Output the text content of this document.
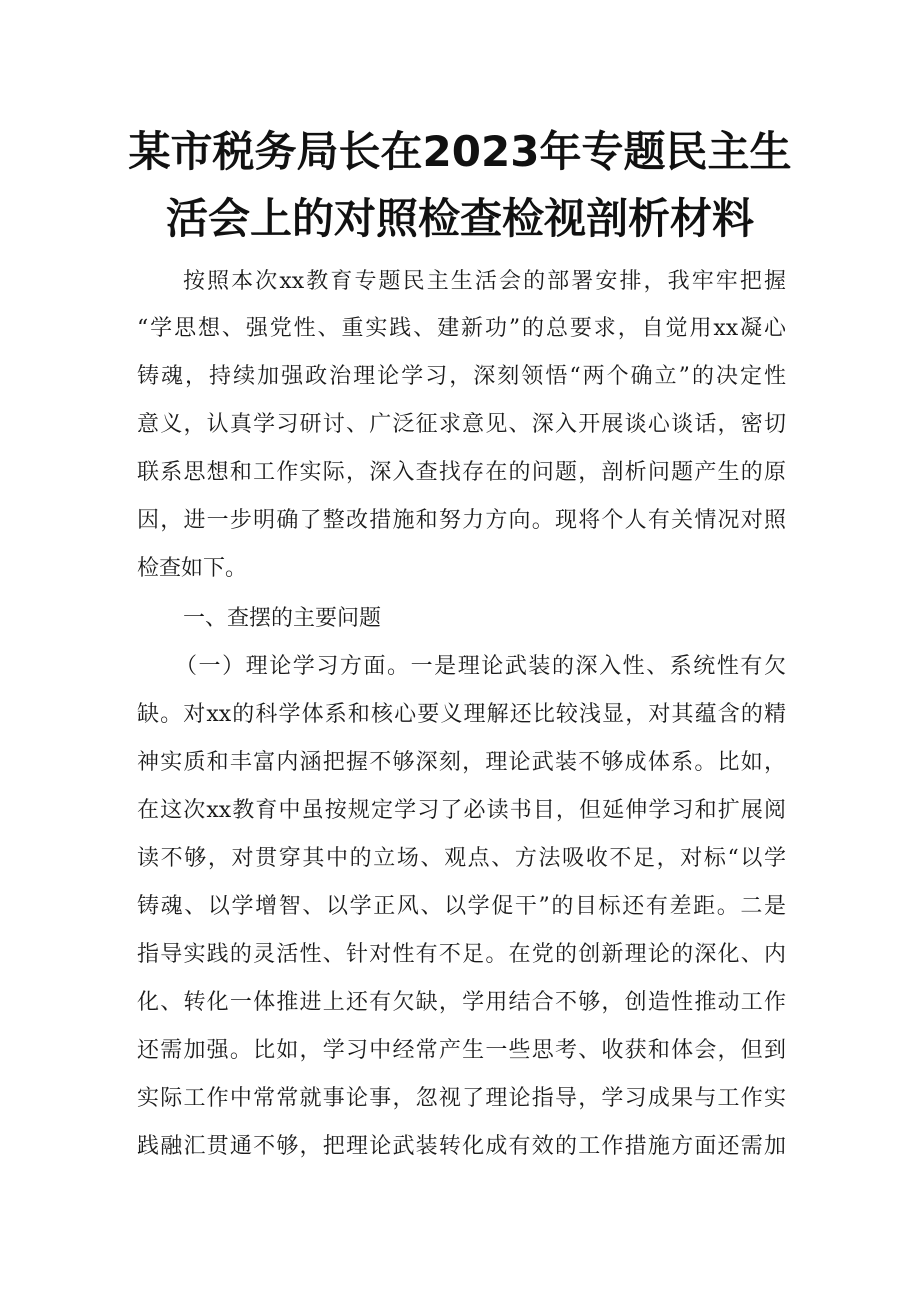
某市税务局长在2023年专题民主生
活会上的对照检查检视剖析材料
按照本次xx教育专题民主生活会的部署安排，我牢牢把握
“学思想、强党性、重实践、建新功”的总要求，自觉用xx凝心
铸魂，持续加强政治理论学习，深刻领悟“两个确立”的决定性
意义，认真学习研讨、广泛征求意见、深入开展谈心谈话，密切
联系思想和工作实际，深入查找存在的问题，剖析问题产生的原
因，进一步明确了整改措施和努力方向。现将个人有关情况对照
检查如下。
一、查摆的主要问题
（一）理论学习方面。一是理论武装的深入性、系统性有欠
缺。对xx的科学体系和核心要义理解还比较浅显，对其蕴含的精
神实质和丰富内涵把握不够深刻，理论武装不够成体系。比如，
在这次xx教育中虽按规定学习了必读书目，但延伸学习和扩展阅
读不够，对贯穿其中的立场、观点、方法吸收不足，对标“以学
铸魂、以学增智、以学正风、以学促干”的目标还有差距。二是
指导实践的灵活性、针对性有不足。在党的创新理论的深化、内
化、转化一体推进上还有欠缺，学用结合不够，创造性推动工作
还需加强。比如，学习中经常产生一些思考、收获和体会，但到
实际工作中常常就事论事，忽视了理论指导，学习成果与工作实
践融汇贯通不够，把理论武装转化成有效的工作措施方面还需加
